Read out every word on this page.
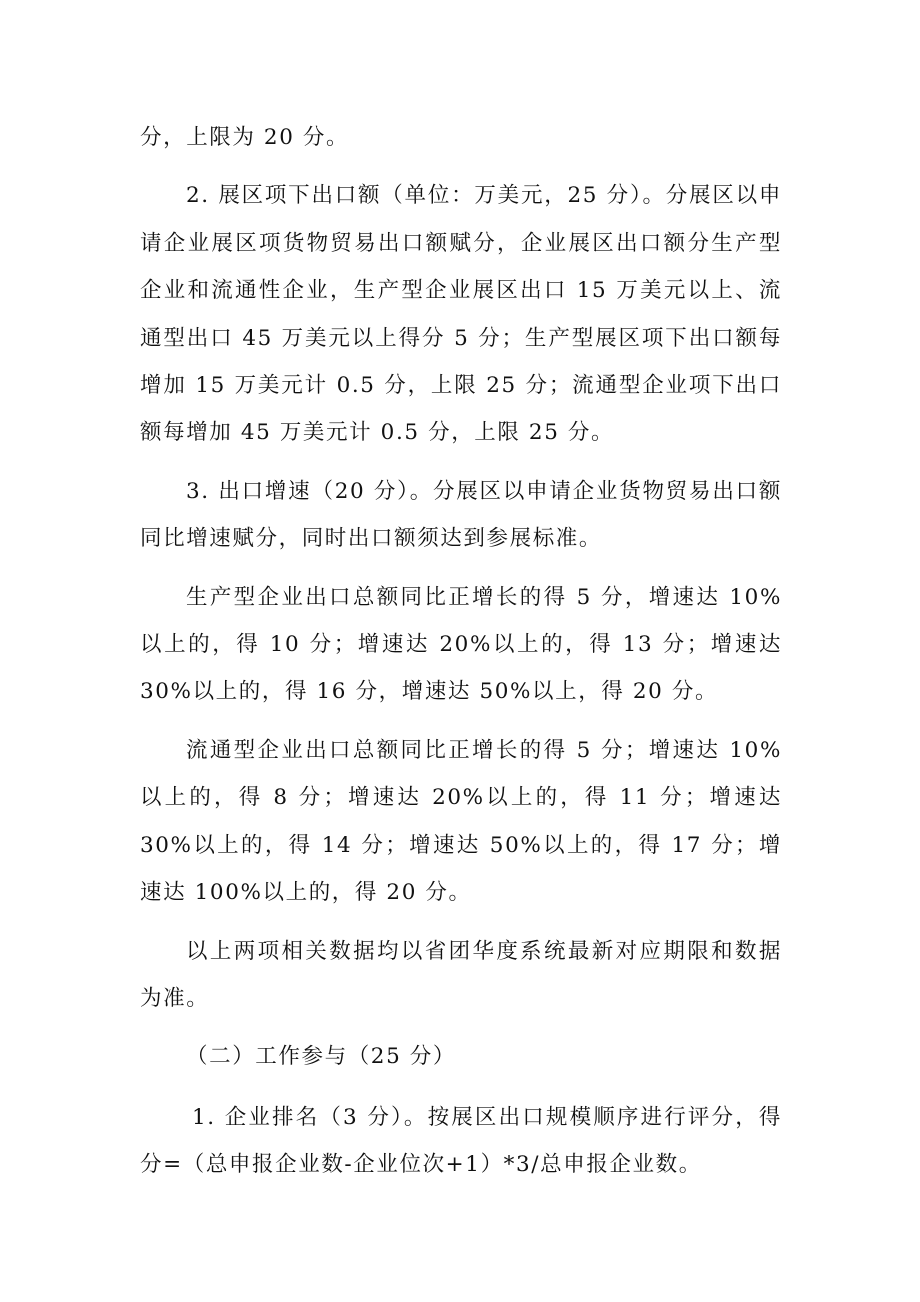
分，上限为 20 分。

2. 展区项下出口额（单位：万美元，25 分）。分展区以申请企业展区项货物贸易出口额赋分，企业展区出口额分生产型企业和流通性企业，生产型企业展区出口 15 万美元以上、流通型出口 45 万美元以上得分 5 分；生产型展区项下出口额每增加 15 万美元计 0.5 分，上限 25 分；流通型企业项下出口额每增加 45 万美元计 0.5 分，上限 25 分。

3. 出口增速（20 分）。分展区以申请企业货物贸易出口额同比增速赋分，同时出口额须达到参展标准。

生产型企业出口总额同比正增长的得 5 分，增速达 10%以上的，得 10 分；增速达 20%以上的，得 13 分；增速达 30%以上的，得 16 分，增速达 50%以上，得 20 分。

流通型企业出口总额同比正增长的得 5 分；增速达 10%以上的，得 8 分；增速达 20%以上的，得 11 分；增速达 30%以上的，得 14 分；增速达 50%以上的，得 17 分；增速达 100%以上的，得 20 分。

以上两项相关数据均以省团华度系统最新对应期限和数据为准。

（二）工作参与（25 分）

1. 企业排名（3 分）。按展区出口规模顺序进行评分，得分=（总申报企业数-企业位次+1）*3/总申报企业数。
